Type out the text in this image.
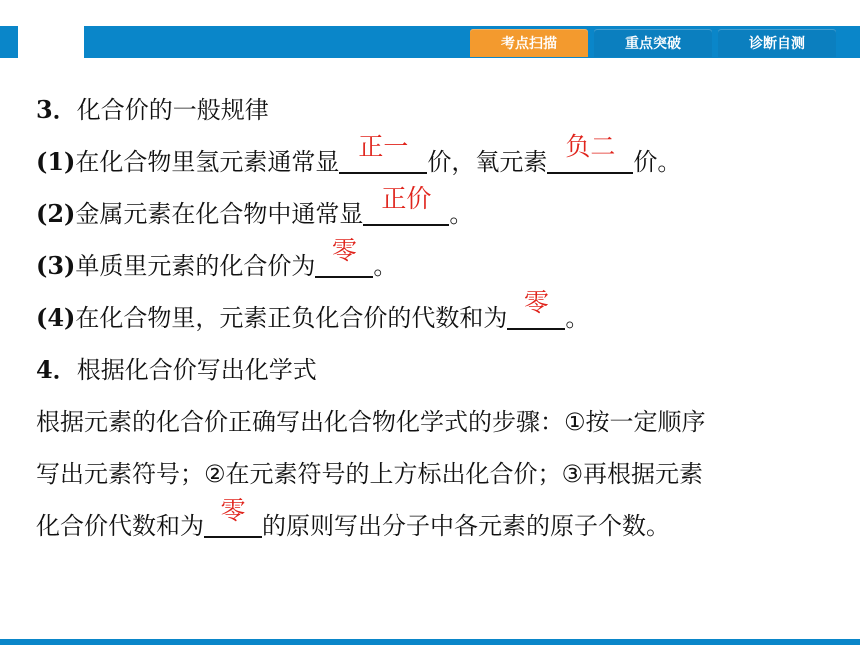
考点扫描	重点突破	诊断自测
3．化合价的一般规律
(1)在化合物里氢元素通常显
正一
价，氧元素
负二
价。
(2)金属元素在化合物中通常显
正价
。
(3)单质里元素的化合价为
零
。
(4)在化合物里，元素正负化合价的代数和为
零
。
4．根据化合价写出化学式
根据元素的化合价正确写出化合物化学式的步骤：①按一定顺序
写出元素符号；②在元素符号的上方标出化合价；③再根据元素
化合价代数和为
零
的原则写出分子中各元素的原子个数。
